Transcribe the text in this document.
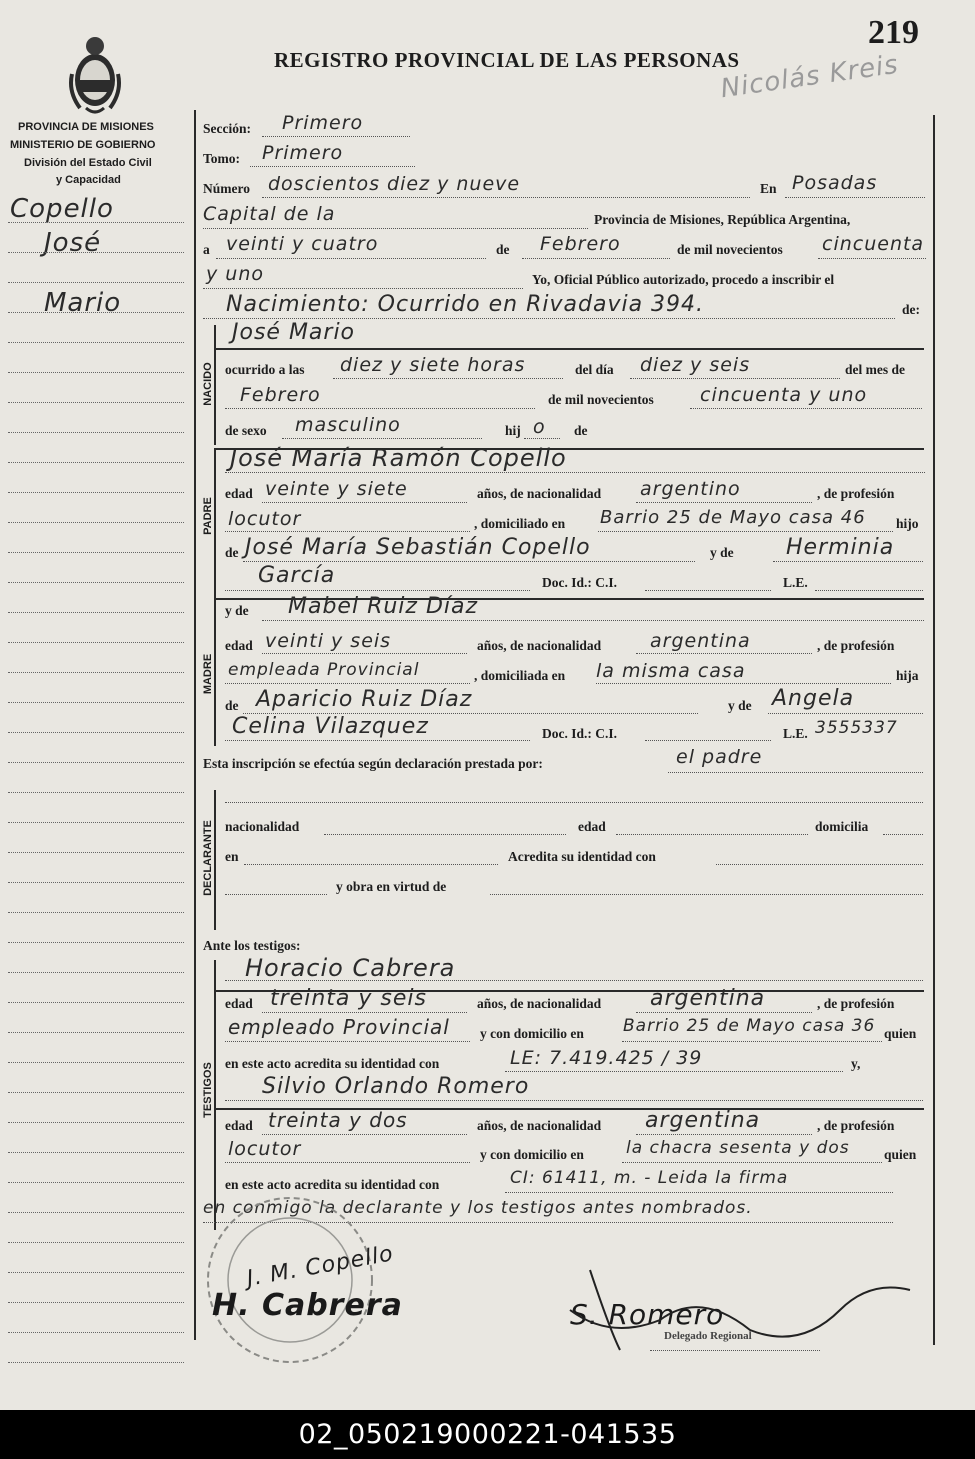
219
REGISTRO PROVINCIAL DE LAS PERSONAS
Nicolás Kreis
PROVINCIA DE MISIONES
MINISTERIO DE GOBIERNO
División del Estado Civil
y Capacidad
Copello
José
Mario
Sección: Primero
Tomo: Primero
Número doscientos diez y nueve	En Posadas
Capital de la	Provincia de Misiones, República Argentina,
a veinti y cuatro	de Febrero	de mil novecientos cincuenta
y uno	Yo, Oficial Público autorizado, procedo a inscribir el
Nacimiento: Ocurrido en Rivadavia 394.	de:
José Mario
NACIDO ocurrido a las diez y siete horas	del día diez y seis	del mes de
Febrero	de mil novecientos cincuenta y uno
de sexo masculino	hij o de
PADRE
José María Ramón Copello
edad veinte y siete	años, de nacionalidad argentino	, de profesión
locutor	, domiciliado en Barrio 25 de Mayo casa 46 hijo
de José María Sebastián Copello	y de Herminia
García	Doc. Id.: C.I.	L.E.
MADRE
y de Mabel Ruiz Díaz
edad veinti y seis	años, de nacionalidad	argentina	, de profesión
empleada Provincial	, domiciliada en la misma casa	hija
de Aparicio Ruiz Díaz	y de Angela
Celina Vilazquez	Doc. Id.: C.I.	L.E. 3555337
Esta inscripción se efectúa según declaración prestada por:	el padre
DECLARANTE nacionalidad	edad	domicilia
en	Acredita su identidad con
y obra en virtud de
Ante los testigos:
TESTIGOS
Horacio Cabrera
edad treinta y seis	años, de nacionalidad argentina	, de profesión
empleado Provincial y con domicilio en Barrio 25 de Mayo casa 36 quien
en este acto acredita su identidad con	LE: 7.419.425 / 39	y,
Silvio Orlando Romero
edad treinta y dos	años, de nacionalidad argentina	, de profesión
locutor	y con domicilio en la chacra sesenta y dos	quien
en este acto acredita su identidad con	CI: 61411, m. - Leida la firma
en conmigo la declarante y los testigos antes nombrados.
J. M. Copello
H. Cabrera	S. Romero
Delegado Regional
02_050219000221-041535
